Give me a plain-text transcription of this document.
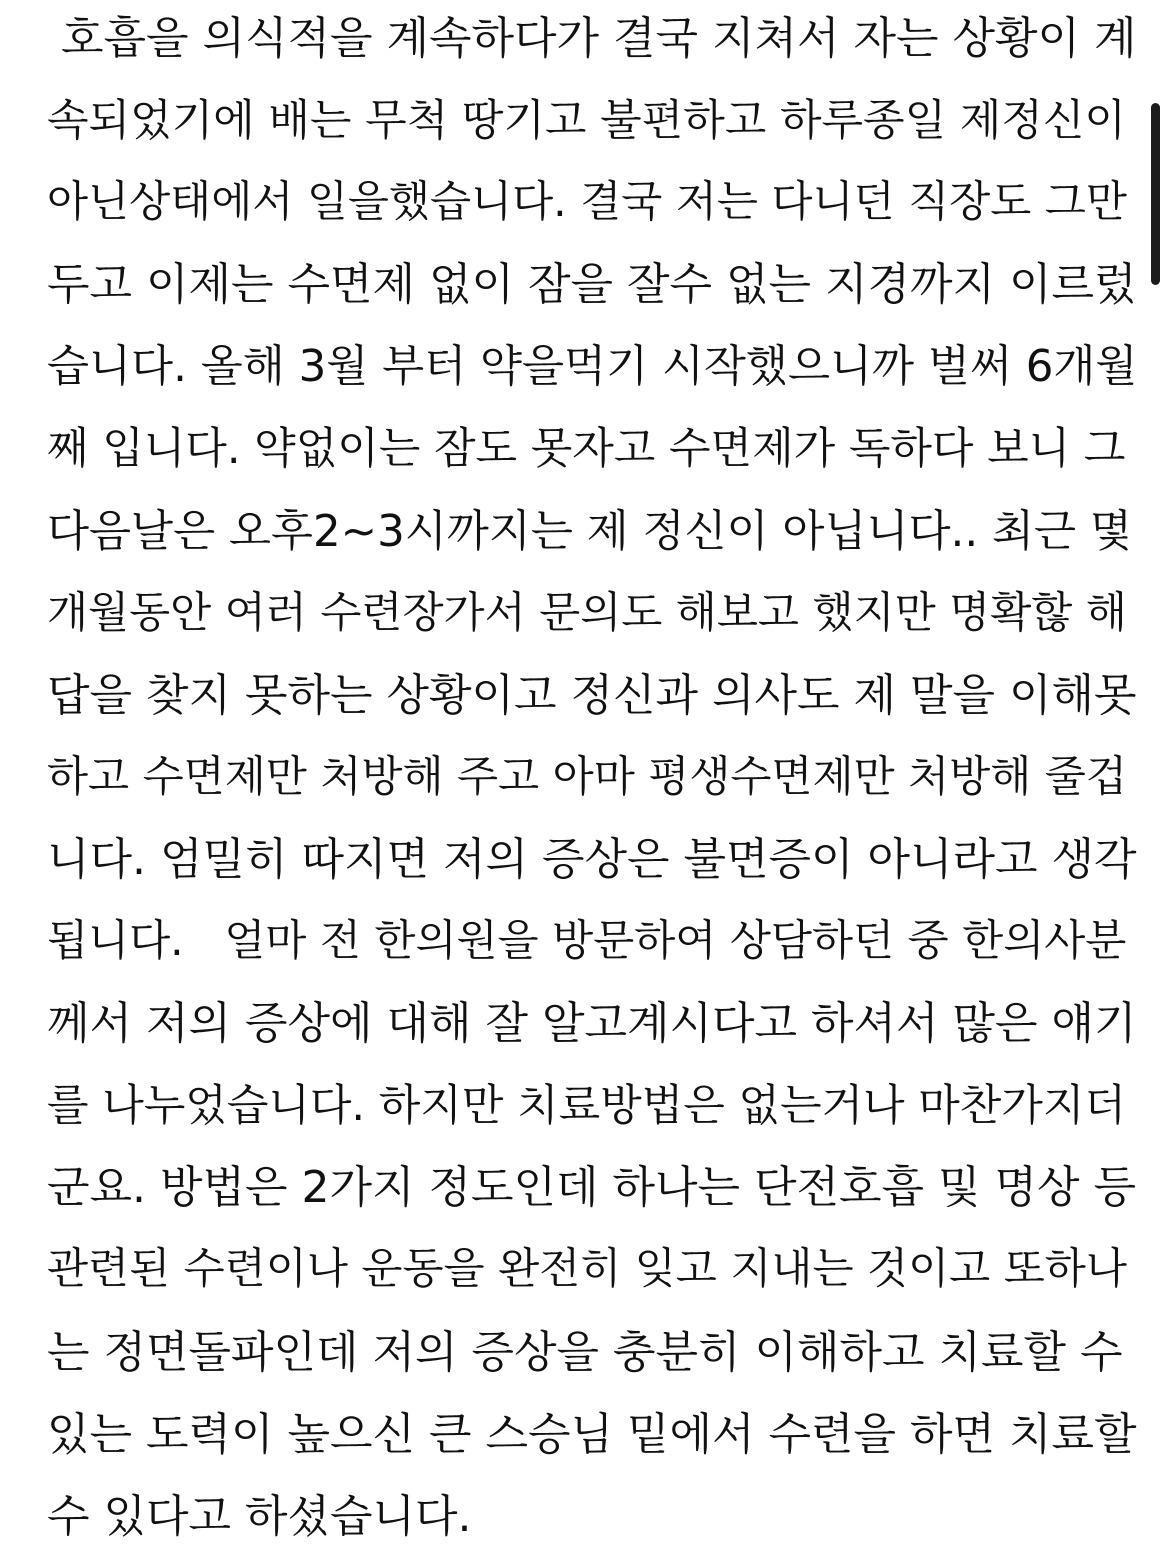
호흡을 의식적을 계속하다가 결국 지쳐서 자는 상황이 계
속되었기에 배는 무척 땅기고 불편하고 하루종일 제정신이
아닌상태에서 일을했습니다. 결국 저는 다니던 직장도 그만
두고 이제는 수면제 없이 잠을 잘수 없는 지경까지 이르렀
습니다. 올해 3월 부터 약을먹기 시작했으니까 벌써 6개월
째 입니다. 약없이는 잠도 못자고 수면제가 독하다 보니 그
다음날은 오후2~3시까지는 제 정신이 아닙니다.. 최근 몇
개월동안 여러 수련장가서 문의도 해보고 했지만 명확핞 해
답을 찾지 못하는 상황이고 정신과 의사도 제 말을 이해못
하고 수면제만 처방해 주고 아마 평생수면제만 처방해 줄겁
니다. 엄밀히 따지면 저의 증상은 불면증이 아니라고 생각
됩니다.   얼마 전 한의원을 방문하여 상담하던 중 한의사분
께서 저의 증상에 대해 잘 알고계시다고 하셔서 많은 얘기
를 나누었습니다. 하지만 치료방법은 없는거나 마찬가지더
군요. 방법은 2가지 정도인데 하나는 단전호흡 및 명상 등
관련된 수련이나 운동을 완전히 잊고 지내는 것이고 또하나
는 정면돌파인데 저의 증상을 충분히 이해하고 치료할 수
있는 도력이 높으신 큰 스승님 밑에서 수련을 하면 치료할
수 있다고 하셨습니다.
